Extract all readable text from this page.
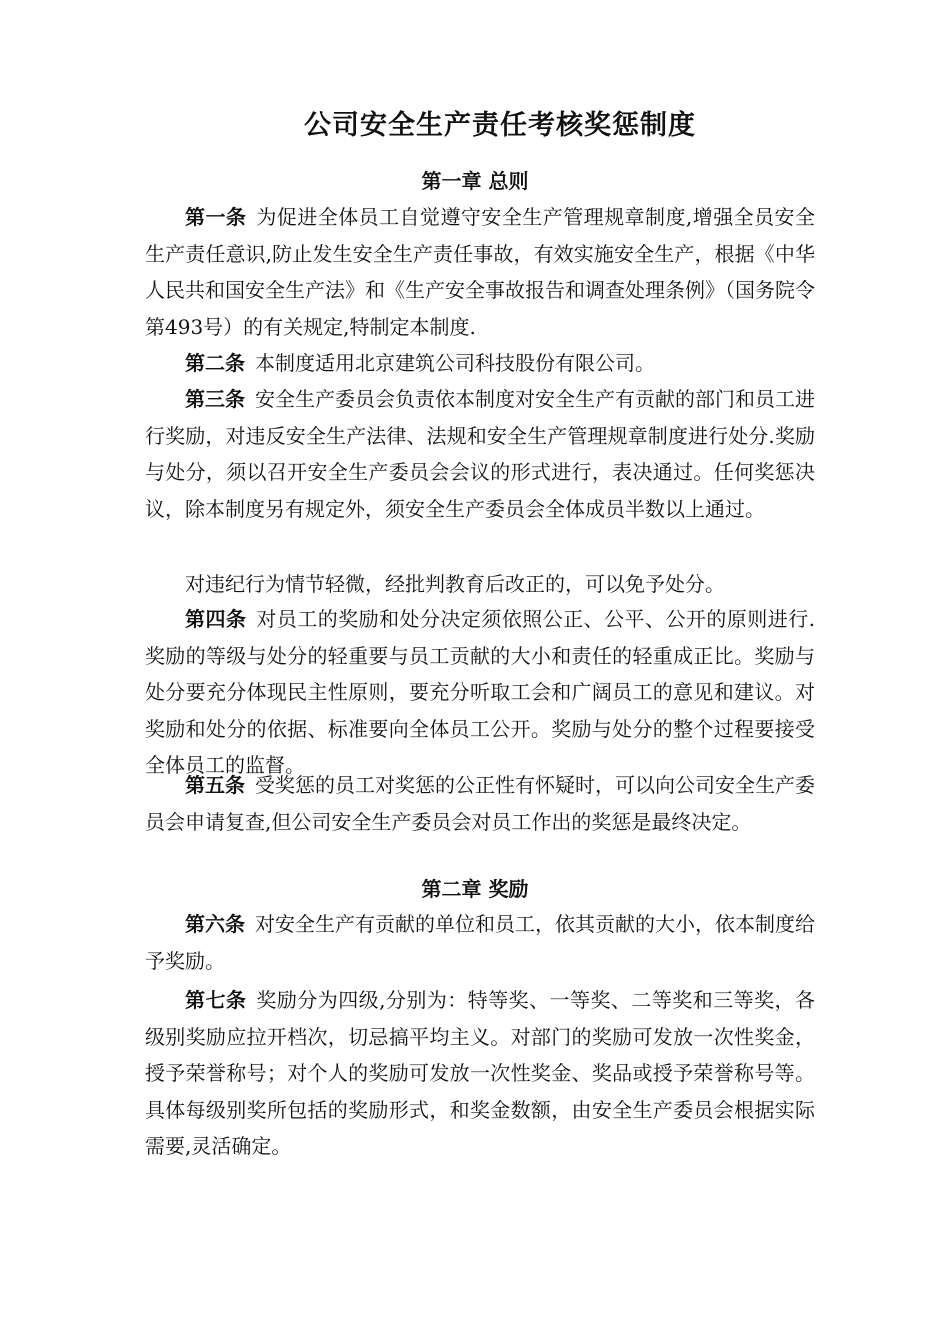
公司安全生产责任考核奖惩制度
第一章 总则

第一条 为促进全体员工自觉遵守安全生产管理规章制度,增强全员安全生产责任意识,防止发生安全生产责任事故，有效实施安全生产，根据《中华人民共和国安全生产法》和《生产安全事故报告和调查处理条例》（国务院令第493号）的有关规定,特制定本制度.

第二条 本制度适用北京建筑公司科技股份有限公司。

第三条 安全生产委员会负责依本制度对安全生产有贡献的部门和员工进行奖励，对违反安全生产法律、法规和安全生产管理规章制度进行处分.奖励与处分，须以召开安全生产委员会会议的形式进行，表决通过。任何奖惩决议，除本制度另有规定外，须安全生产委员会全体成员半数以上通过。

对违纪行为情节轻微，经批判教育后改正的，可以免予处分。

第四条 对员工的奖励和处分决定须依照公正、公平、公开的原则进行.奖励的等级与处分的轻重要与员工贡献的大小和责任的轻重成正比。奖励与处分要充分体现民主性原则，要充分听取工会和广阔员工的意见和建议。对奖励和处分的依据、标准要向全体员工公开。奖励与处分的整个过程要接受全体员工的监督。

第五条 受奖惩的员工对奖惩的公正性有怀疑时，可以向公司安全生产委员会申请复查,但公司安全生产委员会对员工作出的奖惩是最终决定。

第二章 奖励

第六条 对安全生产有贡献的单位和员工，依其贡献的大小，依本制度给予奖励。

第七条 奖励分为四级,分别为：特等奖、一等奖、二等奖和三等奖，各级别奖励应拉开档次，切忌搞平均主义。对部门的奖励可发放一次性奖金，授予荣誉称号；对个人的奖励可发放一次性奖金、奖品或授予荣誉称号等。具体每级别奖所包括的奖励形式，和奖金数额，由安全生产委员会根据实际需要,灵活确定。
